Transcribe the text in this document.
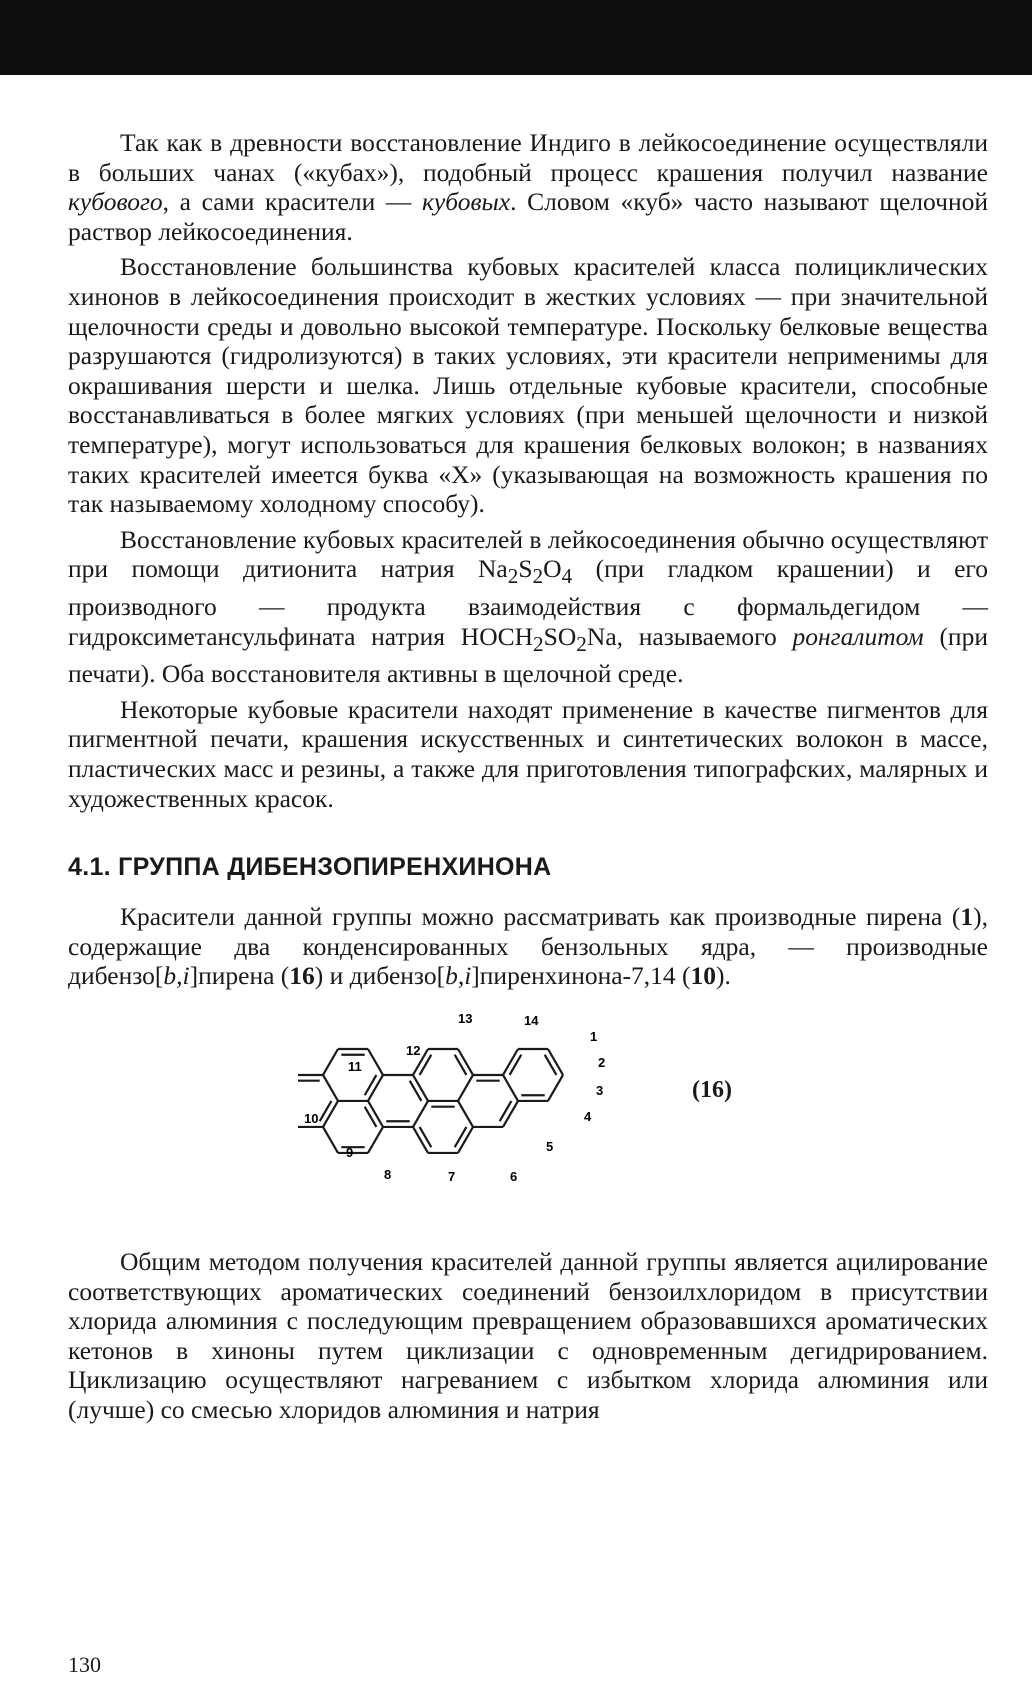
Так как в древности восстановление Индиго в лейкосоединение осуществляли в больших чанах («кубах»), подобный процесс крашения получил название кубового, а сами красители — кубовых. Словом «куб» часто называют щелочной раствор лейкосоединения.

Восстановление большинства кубовых красителей класса полициклических хинонов в лейкосоединения происходит в жестких условиях — при значительной щелочности среды и довольно высокой температуре. Поскольку белковые вещества разрушаются (гидролизуются) в таких условиях, эти красители неприменимы для окрашивания шерсти и шелка. Лишь отдельные кубовые красители, способные восстанавливаться в более мягких условиях (при меньшей щелочности и низкой температуре), могут использоваться для крашения белковых волокон; в названиях таких красителей имеется буква «Х» (указывающая на возможность крашения по так называемому холодному способу).

Восстановление кубовых красителей в лейкосоединения обычно осуществляют при помощи дитионита натрия $Na_2S_2O_4$ (при гладком крашении) и его производного — продукта взаимодействия с формальдегидом — гидроксиметансульфината натрия $HOCH_2SO_2Na$, называемого ронгалитом (при печати). Оба восстановителя активны в щелочной среде.

Некоторые кубовые красители находят применение в качестве пигментов для пигментной печати, крашения искусственных и синтетических волокон в массе, пластических масс и резины, а также для приготовления типографских, малярных и художественных красок.

4.1. ГРУППА ДИБЕНЗОПИРЕНХИНОНА

Красители данной группы можно рассматривать как производные пирена (1), содержащие два конденсированных бензольных ядра, — производные дибензо[b,i]пирена (16) и дибензо[b,i]пиренхинона-7,14 (10).

1
2
3
4
5
6
7
8
9
10
11
12
13	14
(16)

Общим методом получения красителей данной группы является ацилирование соответствующих ароматических соединений бензоилхлоридом в присутствии хлорида алюминия с последующим превращением образовавшихся ароматических кетонов в хиноны путем циклизации с одновременным дегидрированием. Циклизацию осуществляют нагреванием с избытком хлорида алюминия или (лучше) со смесью хлоридов алюминия и натрия

130
